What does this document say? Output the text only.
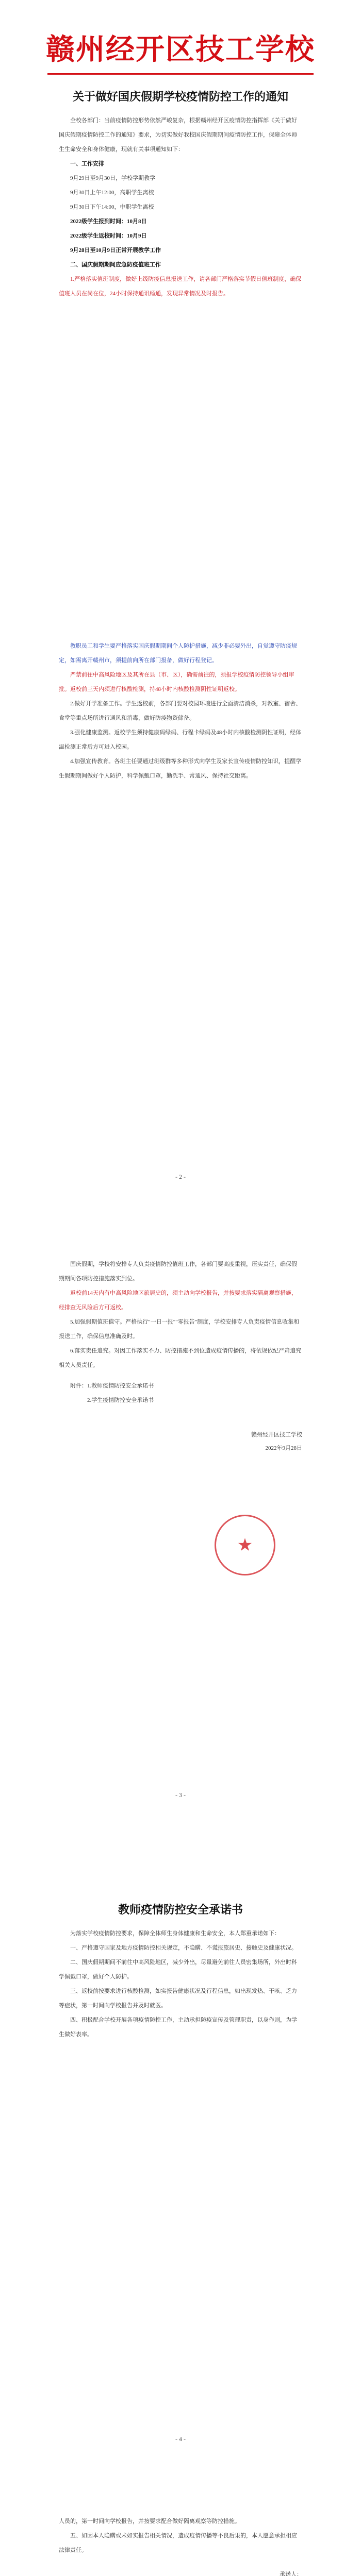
赣州经开区技工学校
关于做好国庆假期学校疫情防控工作的通知

全校各部门：当前疫情防控形势依然严峻复杂，根据赣州经开区疫情防控指挥部《关于做好国庆假期疫情防控工作的通知》要求，为切实做好我校国庆假期期间疫情防控工作，保障全体师生生命安全和身体健康，现就有关事项通知如下：

一、工作安排

9月29日至9月30日，学校学期教学

9月30日上午12:00，高职学生离校

9月30日下午14:00，中职学生离校

2022级学生报到时间：10月8日

2022级学生返校时间：10月9日

9月28日至10月9日正常开展教学工作

二、国庆假期期间应急防疫值班工作

1.严格落实值班制度，做好上级防疫信息报送工作，请各部门严格落实节假日值班制度，确保值班人员在岗在位，24小时保持通讯畅通，发现异常情况及时报告。

教职员工和学生要严格落实国庆假期期间个人防护措施，减少非必要外出，自觉遵守防疫规定，如需离开赣州市，须提前向所在部门报备，做好行程登记。

严禁前往中高风险地区及其所在县（市、区），确需前往的，须报学校疫情防控领导小组审批。返校前三天内须进行核酸检测，持48小时内核酸检测阴性证明返校。

2.做好开学准备工作。学生返校前，各部门要对校园环境进行全面清洁消杀，对教室、宿舍、食堂等重点场所进行通风和消毒，做好防疫物资储备。

3.强化健康监测。返校学生须持健康码绿码、行程卡绿码及48小时内核酸检测阴性证明，经体温检测正常后方可进入校园。

4.加强宣传教育。各班主任要通过班级群等多种形式向学生及家长宣传疫情防控知识，提醒学生假期期间做好个人防护，科学佩戴口罩，勤洗手、常通风、保持社交距离。

- 2 -

国庆假期，学校将安排专人负责疫情防控值班工作，各部门要高度重视，压实责任，确保假期期间各项防控措施落实到位。

返校前14天内有中高风险地区旅居史的，须主动向学校报告，并按要求落实隔离观察措施，经排查无风险后方可返校。

5.加强假期值班值守。严格执行"一日一报""零报告"制度，学校安排专人负责疫情信息收集和报送工作，确保信息准确及时。

6.落实责任追究。对因工作落实不力、防控措施不到位造成疫情传播的，将依规依纪严肃追究相关人员责任。

附件：1.教师疫情防控安全承诺书

2.学生疫情防控安全承诺书

赣州经开区技工学校
2022年9月28日
★
- 3 -
教师疫情防控安全承诺书

为落实学校疫情防控要求，保障全体师生身体健康和生命安全，本人郑重承诺如下：

一、严格遵守国家及地方疫情防控相关规定，不隐瞒、不谎报旅居史、接触史及健康状况。

二、国庆假期期间不前往中高风险地区，减少外出，尽量避免前往人员密集场所，外出时科学佩戴口罩，做好个人防护。

三、返校前按要求进行核酸检测，如实报告健康状况及行程信息，如出现发热、干咳、乏力等症状，第一时间向学校报告并及时就医。

四、积极配合学校开展各项疫情防控工作，主动承担防疫宣传及管理职责，以身作则，为学生做好表率。

- 4 -

人员的，第一时间向学校报告，并按要求配合做好隔离观察等防控措施。

五、如因本人隐瞒或未如实报告相关情况，造成疫情传播等不良后果的，本人愿意承担相应法律责任。

承诺人：
